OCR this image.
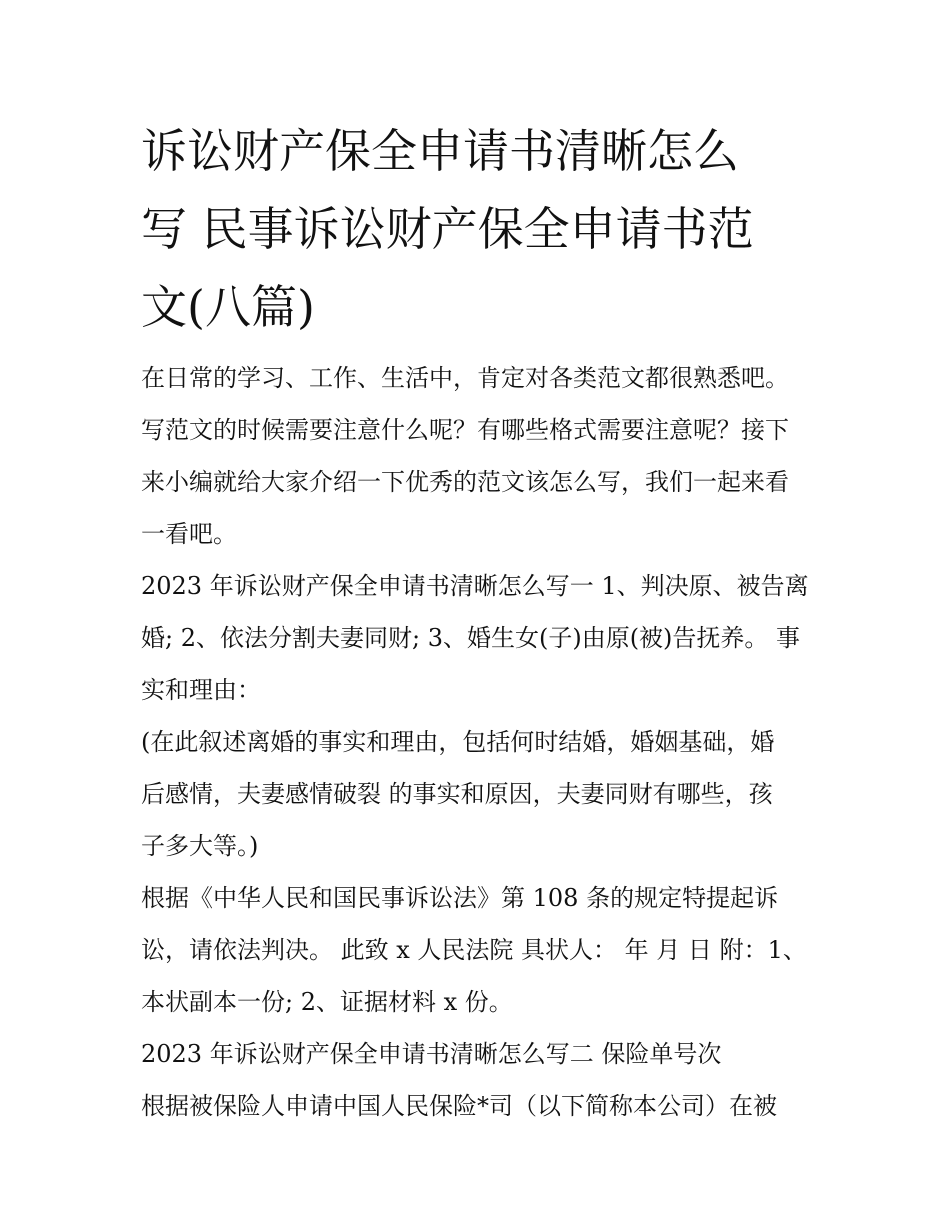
诉讼财产保全申请书清晰怎么
写 民事诉讼财产保全申请书范
文(八篇)

在日常的学习、工作、生活中，肯定对各类范文都很熟悉吧。
写范文的时候需要注意什么呢？有哪些格式需要注意呢？接下
来小编就给大家介绍一下优秀的范文该怎么写，我们一起来看
一看吧。

2023 年诉讼财产保全申请书清晰怎么写一 1、判决原、被告离
婚; 2、依法分割夫妻同财; 3、婚生女(子)由原(被)告抚养。 事
实和理由：

(在此叙述离婚的事实和理由，包括何时结婚，婚姻基础，婚
后感情，夫妻感情破裂 的事实和原因，夫妻同财有哪些，孩
子多大等。)

根据《中华人民和国民事诉讼法》第 108 条的规定特提起诉
讼，请依法判决。 此致 x 人民法院 具状人： 年 月 日 附：1、
本状副本一份; 2、证据材料 x 份。

2023 年诉讼财产保全申请书清晰怎么写二 保险单号次

根据被保险人申请中国人民保险*司（以下简称本公司）在被
